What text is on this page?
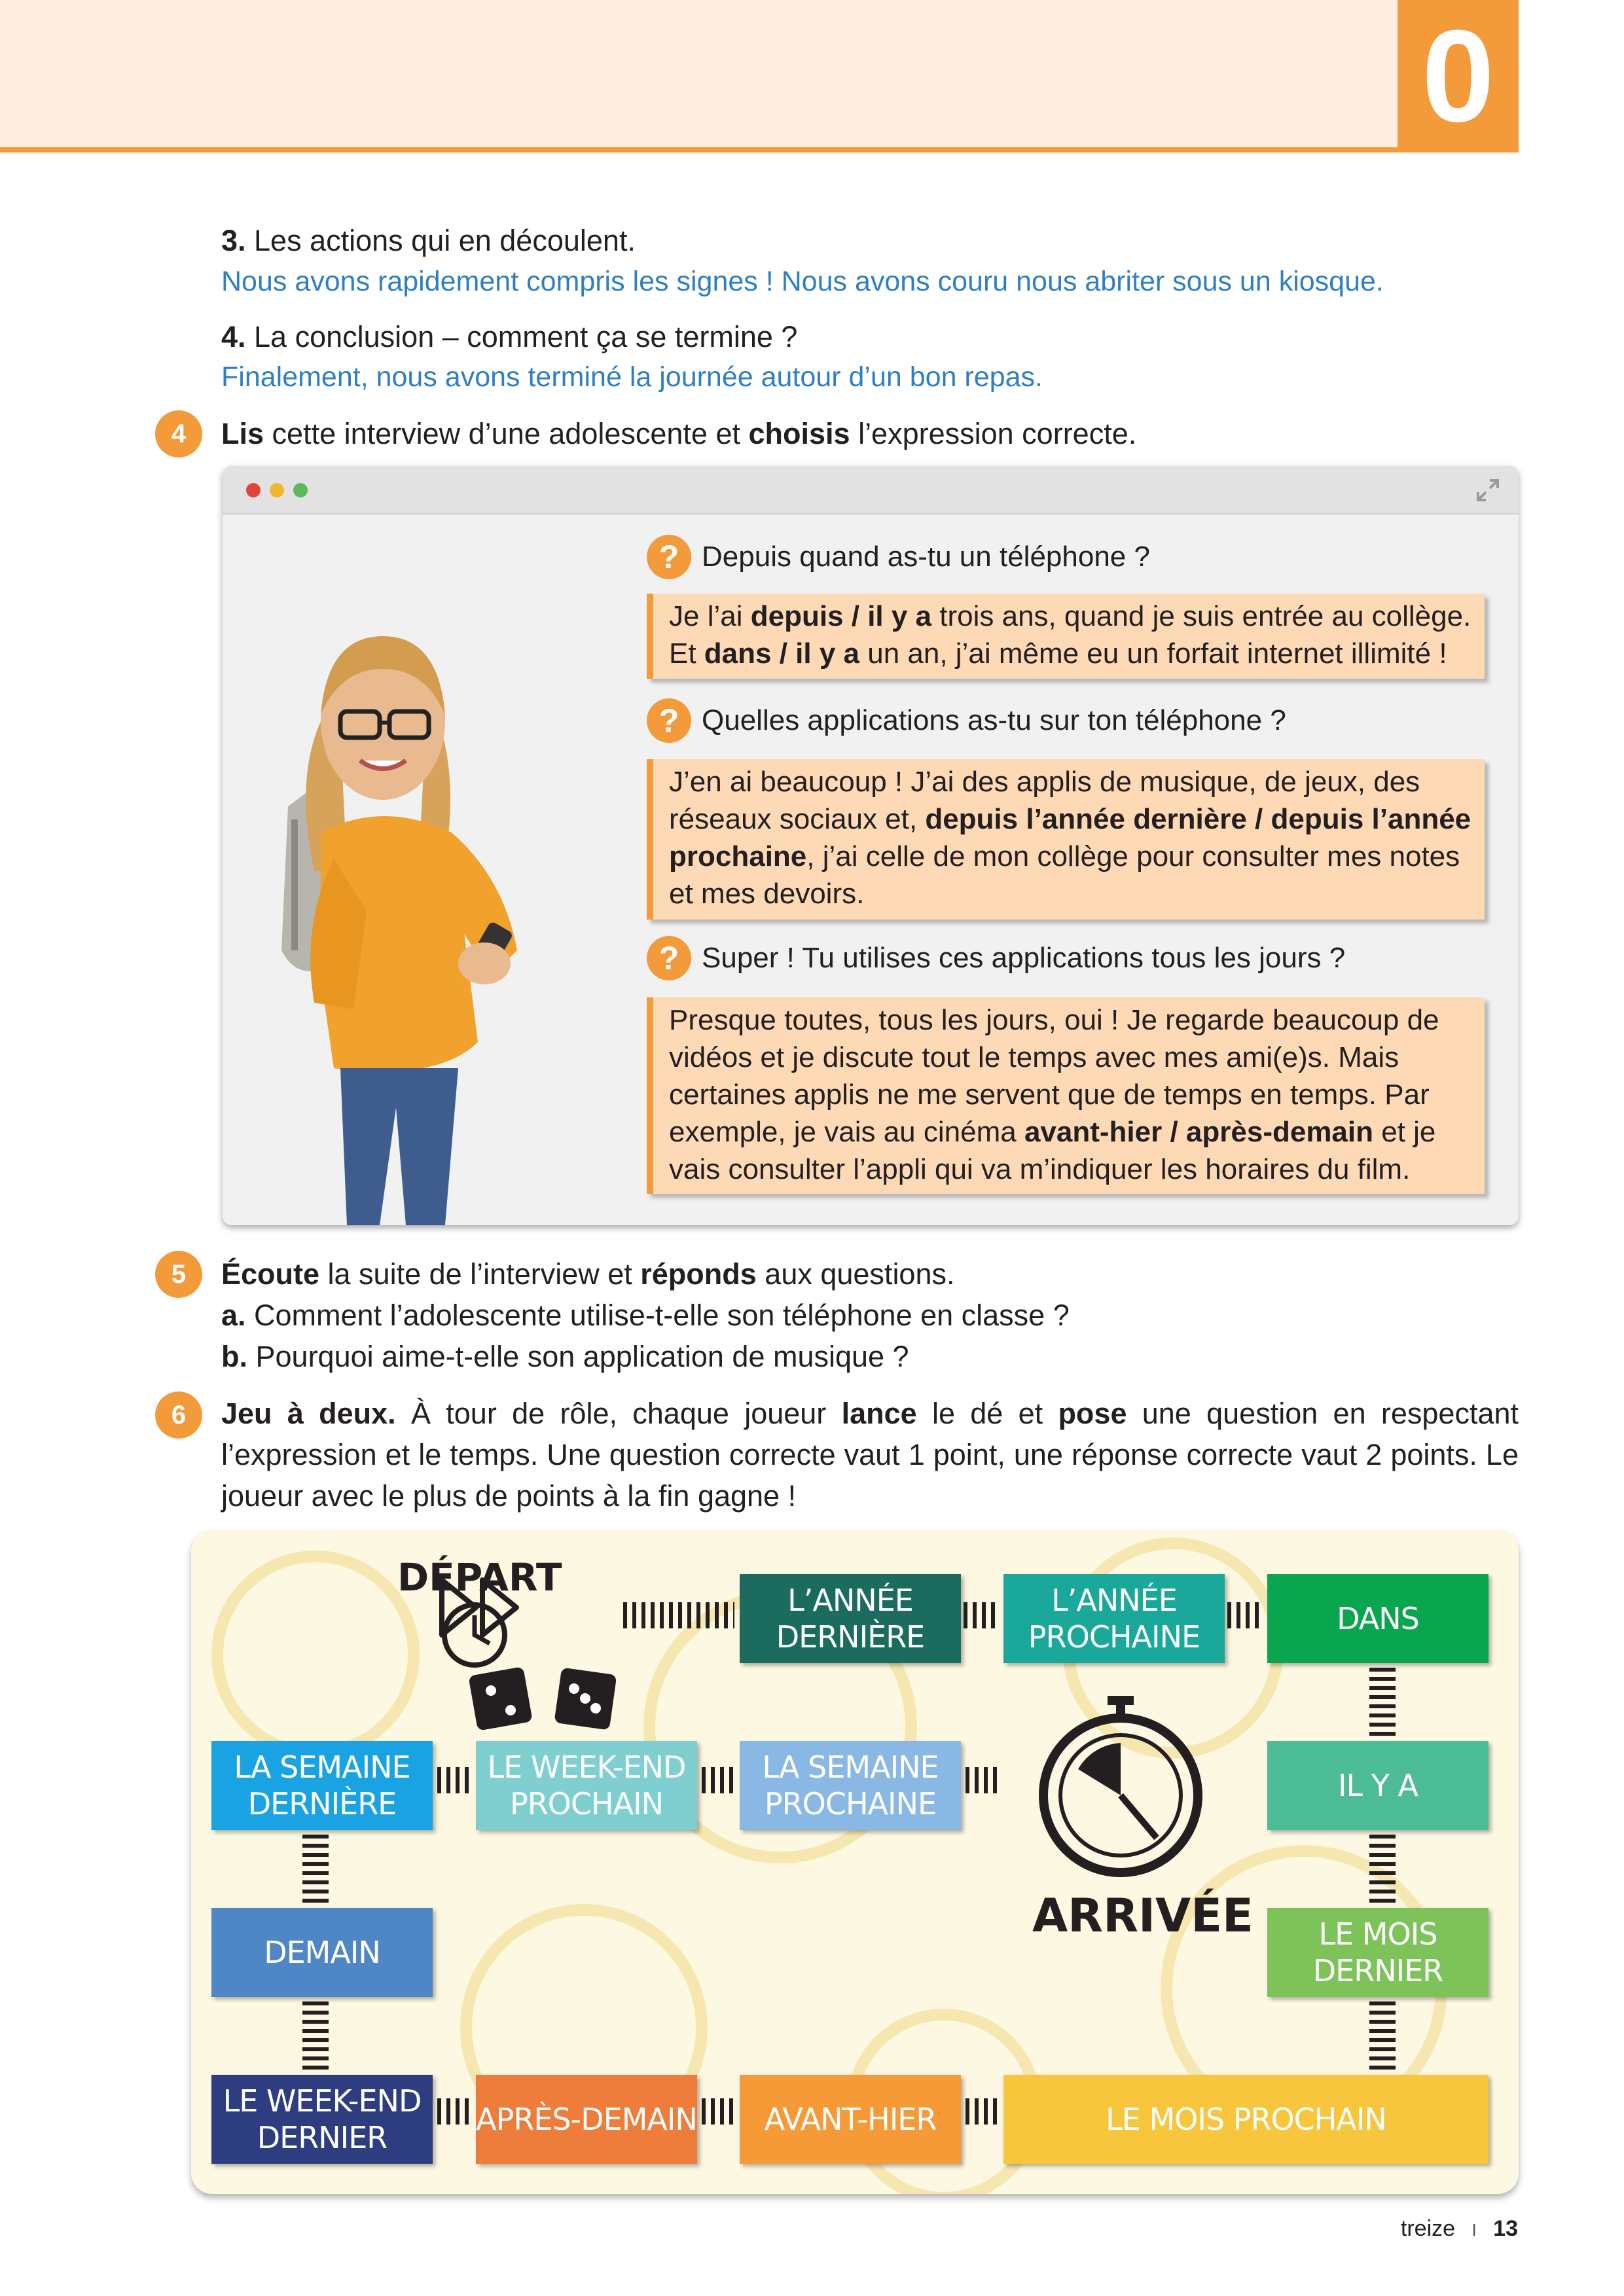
0
3. Les actions qui en découlent.
Nous avons rapidement compris les signes ! Nous avons couru nous abriter sous un kiosque.
4. La conclusion – comment ça se termine ?
Finalement, nous avons terminé la journée autour d’un bon repas.
4	Lis cette interview d’une adolescente et choisis l’expression correcte.
? Depuis quand as-tu un téléphone ?
Je l’ai depuis / il y a trois ans, quand je suis entrée au collège. Et dans / il y a un an, j’ai même eu un forfait internet illimité !
? Quelles applications as-tu sur ton téléphone ?
J’en ai beaucoup ! J’ai des applis de musique, de jeux, des réseaux sociaux et, depuis l’année dernière / depuis l’année prochaine, j’ai celle de mon collège pour consulter mes notes et mes devoirs.
? Super ! Tu utilises ces applications tous les jours ?
Presque toutes, tous les jours, oui ! Je regarde beaucoup de vidéos et je discute tout le temps avec mes ami(e)s. Mais certaines applis ne me servent que de temps en temps. Par exemple, je vais au cinéma avant-hier / après-demain et je vais consulter l’appli qui va m’indiquer les horaires du film.
5	Écoute la suite de l’interview et réponds aux questions.
a. Comment l’adolescente utilise-t-elle son téléphone en classe ?
b. Pourquoi aime-t-elle son application de musique ?
6	Jeu à deux. À tour de rôle, chaque joueur lance le dé et pose une question en respectant l’expression et le temps. Une question correcte vaut 1 point, une réponse correcte vaut 2 points. Le joueur avec le plus de points à la fin gagne !
DÉPART
ARRIVÉE
L’ANNÉE DERNIÈRE
L’ANNÉE PROCHAINE
DANS
IL Y A
LA SEMAINE PROCHAINE
LE WEEK-END PROCHAIN
LA SEMAINE DERNIÈRE
DEMAIN
LE MOIS DERNIER
LE WEEK-END DERNIER
APRÈS-DEMAIN	AVANT-HIER	LE MOIS PROCHAIN
treize I 13
